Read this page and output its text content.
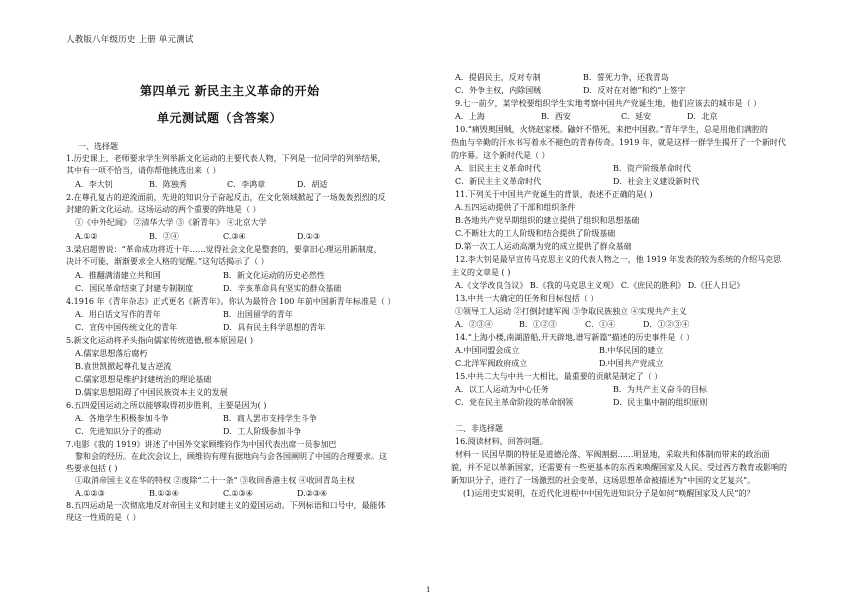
人教版八年级历史 上册 单元测试
第四单元 新民主主义革命的开始
单元测试题（含答案）
一、选择题
1.历史课上，老师要求学生列举新文化运动的主要代表人物，下列是一位同学的列举结果，
其中有一项不恰当，请你帮他挑选出来（ ）
A．李大钊	B．陈独秀	C．李鸿章	D．胡适
2.在尊孔复古的逆流面前，先进的知识分子奋起反击，在文化领域掀起了一场轰轰烈烈的反
封建的新文化运动。这场运动的两个重要的阵地是（ ）
①《中外纪闻》 ②清华大学 ③《新青年》 ④北京大学
A.①②	B．②④	C.③④	D.①③
3.梁启超曾说：“革命成功将近十年……觉得社会文化是整套的，要拿旧心理运用新制度，
决计不可能，渐渐要求全人格的觉醒。”这句话揭示了（ ）
A．推翻满清建立共和国	B．新文化运动的历史必然性
C．国民革命结束了封建专制制度	D．辛亥革命具有坚实的群众基础
4.1916 年《青年杂志》正式更名《新青年》。你认为最符合 100 年前中国新青年标准是（ ）
A．用白话文写作的青年	B．出国留学的青年
C．宣传中国传统文化的青年	D．具有民主科学思想的青年
5.新文化运动将矛头指向儒家传统道德,根本原因是( )
A.儒家思想落后腐朽
B.袁世凯掀起尊孔复古逆流
C.儒家思想是维护封建统治的理论基础
D.儒家思想阻碍了中国民族资本主义的发展
6.五四爱国运动之所以能够取得初步胜利，主要是因为( )
A．各地学生积极参加斗争	B．商人罢市支持学生斗争
C．先进知识分子的推动	D．工人阶级参加斗争
7.电影《我的 1919》讲述了中国外交家顾维钧作为中国代表出席一员参加巴
黎和会的经历。在此次会议上，顾维钧有理有据地向与会各国阐明了中国的合理要求。这
些要求包括 ( )
①取消帝国主义在华的特权 ②废除“二十一条” ③收回香港主权 ④收回青岛主权
A.①②③	B.①②④	C.①③④	D.②③④
8.五四运动是一次彻底地反对帝国主义和封建主义的爱国运动。下列标语和口号中，最能体
现这一性质的是（ ）
A．提倡民主，反对专制	B．誓死力争，还我青岛
C．外争主权，内除国贼	D．反对在对德“和约”上签字
9.七一前夕，某学校要组织学生实地考察中国共产党诞生地，他们应该去的城市是（ ）
A．上海	B．西安	C．延安	D．北京
10.“痛毁奥国贼，火烧赵家楼。鼬奸不惜死，来把中国救。”青年学生，总是用他们满腔的
热血与辛勤的汗水书写着永不褪色的青春传奇。1919 年，就是这样一群学生揭开了一个新时代
的序幕。这个新时代是（ ）
A．旧民主主义革命时代	B．资产阶级革命时代
C．新民主主义革命时代	D．社会主义建设新时代
11.下列关于中国共产党诞生的背景，表述不正确的是( )
A.五四运动提供了干部和组织条件
B.各地共产党早期组织的建立提供了组织和思想基础
C.不断壮大的工人阶级和结合提供了阶级基础
D.第一次工人运动高潮为党的成立提供了群众基础
12.李大钊是最早宣传马克思主义的代表人物之一，他 1919 年发表的较为系统的介绍马克思
主义的文章是 ( )
A.《文学改良刍议》 B.《我的马克思主义观》 C.《庶民的胜利》 D.《狂人日记》
13.中共一大确定的任务和目标包括（ ）
①领导工人运动 ②打倒封建军阀 ③争取民族独立 ④实现共产主义
A．②③④	B．①②③	C．①④	D．①②③④
14.“上海小楼,南湖游船,开天辟地,谱写新篇”描述的历史事件是（ ）
A.中国同盟会成立	B.中华民国的建立
C.北洋军阀政府成立	D.中国共产党成立
15.中共二大与中共一大相比，最重要的贡献是制定了（ ）
A．以工人运动为中心任务	B．为共产主义奋斗的目标
C．党在民主革命阶段的革命纲领	D．民主集中制的组织原则
二、非选择题
16.阅读材料，回答问题。
材料一 民国早期的特征是道德沦落、军阀割据……明显地，采取共和体制而带来的政治面
貌，并不足以革新国家，还需要有一些更基本的东西来唤醒国家及人民。受过西方教育或影响的
新知识分子，进行了一场激烈的社会变革，这场思想革命被描述为“中国的文艺复兴”。
(1)运用史实说明，在近代化进程中中国先进知识分子是如何“唤醒国家及人民”的？
1
